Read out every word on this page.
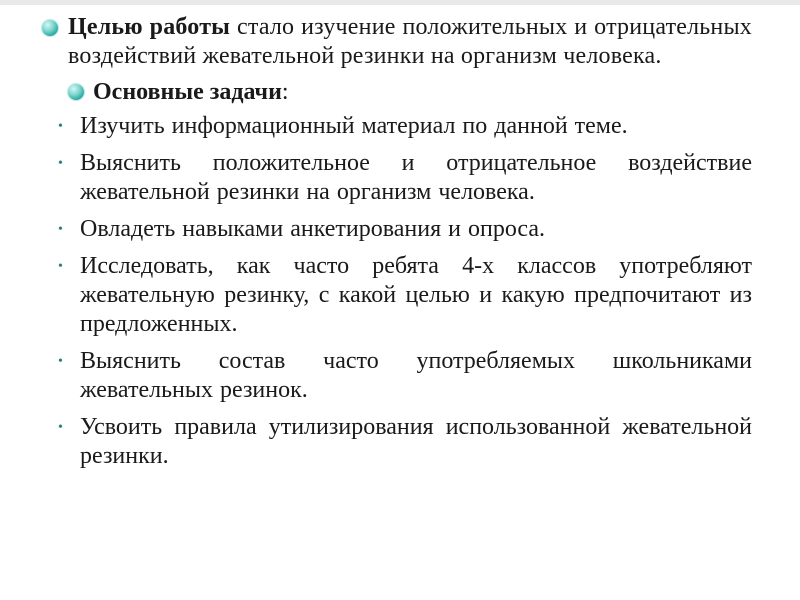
Целью работы стало изучение положительных и отрицательных воздействий жевательной резинки на организм человека.
Основные задачи:
• Изучить информационный материал по данной теме.
• Выяснить положительное и отрицательное воздействие жевательной резинки на организм человека.
• Овладеть навыками анкетирования и опроса.
• Исследовать, как часто ребята 4-х классов употребляют жевательную резинку, с какой целью и какую предпочитают из предложенных.
• Выяснить состав часто употребляемых школьниками жевательных резинок.
• Усвоить правила утилизирования использованной жевательной резинки.
